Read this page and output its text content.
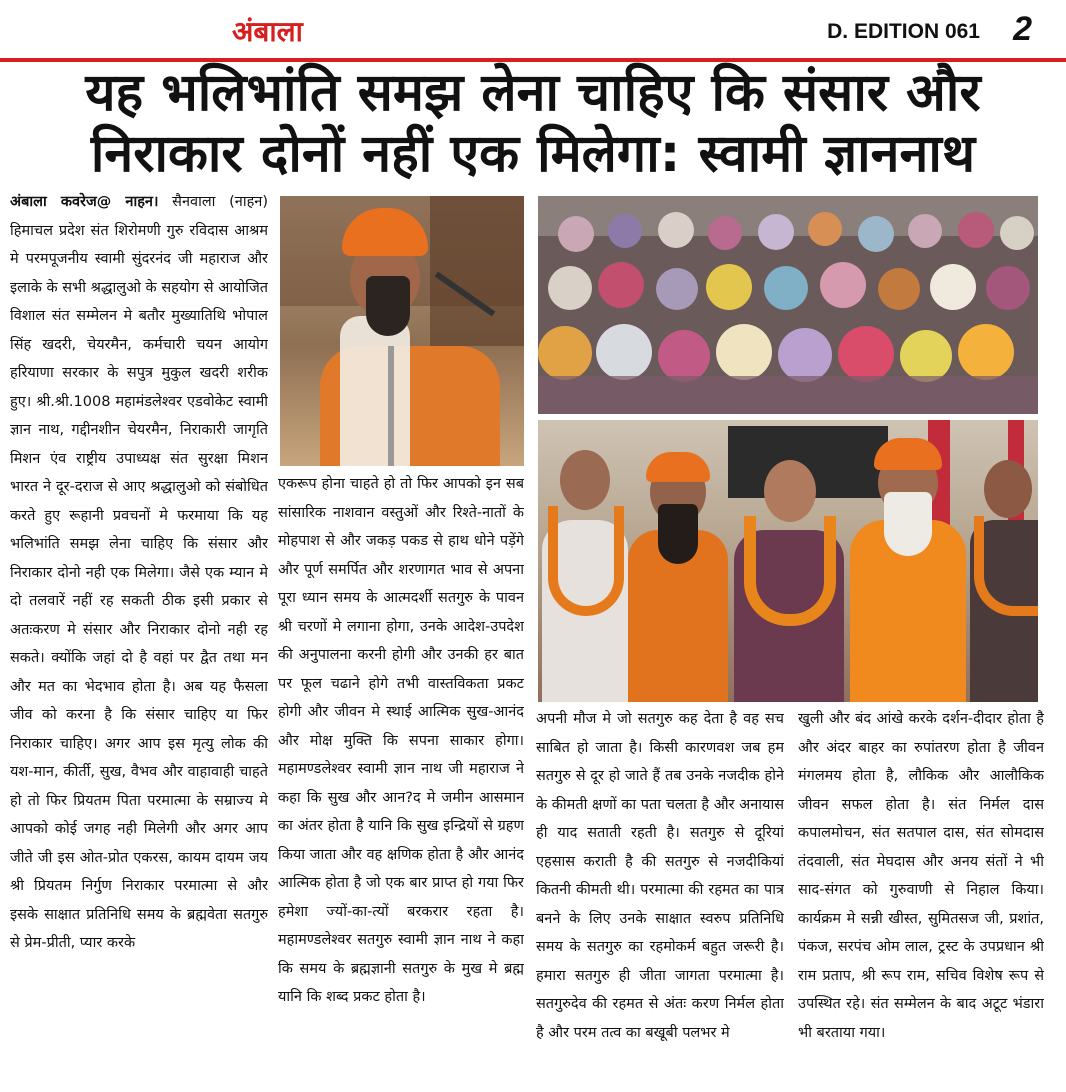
अंबाला	D. EDITION 061 2
यह भलिभांति समझ लेना चाहिए कि संसार और
निराकार दोनों नहीं एक मिलेगा: स्वामी ज्ञाननाथ
अंबाला कवरेज@ नाहन। सैनवाला (नाहन) हिमाचल प्रदेश संत शिरोमणी गुरु रविदास आश्रम मे परमपूजनीय स्वामी सुंदरनंद जी महाराज और इलाके के सभी श्रद्धालुओ के सहयोग से आयोजित विशाल संत सम्मेलन मे बतौर मुख्यातिथि भोपाल सिंह खदरी, चेयरमैन, कर्मचारी चयन आयोग हरियाणा सरकार के सपुत्र मुकुल खदरी शरीक हुए। श्री.श्री.1008 महामंडलेश्वर एडवोकेट स्वामी ज्ञान नाथ, गद्दीनशीन चेयरमैन, निराकारी जागृति मिशन एंव राष्ट्रीय उपाध्यक्ष संत सुरक्षा मिशन भारत ने दूर-दराज से आए श्रद्धालुओ को संबोधित करते हुए रूहानी प्रवचनों मे फरमाया कि यह भलिभांति समझ लेना चाहिए कि संसार और निराकार दोनो नही एक मिलेगा। जैसे एक म्यान मे दो तलवारें नहीं रह सकती ठीक इसी प्रकार से अतःकरण मे संसार और निराकार दोनो नही रह सकते। क्योंकि जहां दो है वहां पर द्वैत तथा मन और मत का भेदभाव होता है। अब यह फैसला जीव को करना है कि संसार चाहिए या फिर निराकार चाहिए। अगर आप इस मृत्यु लोक की यश-मान, कीर्ती, सुख, वैभव और वाहावाही चाहते हो तो फिर प्रियतम पिता परमात्मा के सम्राज्य मे आपको कोई जगह नही मिलेगी और अगर आप जीते जी इस ओत-प्रोत एकरस, कायम दायम जय श्री प्रियतम निर्गुण निराकार परमात्मा से और इसके साक्षात प्रतिनिधि समय के ब्रह्मवेता सतगुरु से प्रेम-प्रीती, प्यार करके
एकरूप होना चाहते हो तो फिर आपको इन सब सांसारिक नाशवान वस्तुओं और रिश्ते-नातों के मोहपाश से और जकड़ पकड से हाथ धोने पड़ेंगे और पूर्ण समर्पित और शरणागत भाव से अपना पूरा ध्यान समय के आत्मदर्शी सतगुरु के पावन श्री चरणों मे लगाना होगा, उनके आदेश-उपदेश की अनुपालना करनी होगी और उनकी हर बात पर फूल चढाने होगे तभी वास्तविकता प्रकट होगी और जीवन मे स्थाई आत्मिक सुख-आनंद और मोक्ष मुक्ति कि सपना साकार होगा। महामण्डलेश्वर स्वामी ज्ञान नाथ जी महाराज ने कहा कि सुख और आन?द मे जमीन आसमान का अंतर होता है यानि कि सुख इन्द्रियों से ग्रहण किया जाता और वह क्षणिक होता है और आनंद आत्मिक होता है जो एक बार प्राप्त हो गया फिर हमेशा ज्यों-का-त्यों बरकरार रहता है। महामण्डलेश्वर सतगुरु स्वामी ज्ञान नाथ ने कहा कि समय के ब्रह्मज्ञानी सतगुरु के मुख मे ब्रह्म यानि कि शब्द प्रकट होता है।
अपनी मौज मे जो सतगुरु कह देता है वह सच साबित हो जाता है। किसी कारणवश जब हम सतगुरु से दूर हो जाते हैं तब उनके नजदीक होने के कीमती क्षणों का पता चलता है और अनायास ही याद सताती रहती है। सतगुरु से दूरियां एहसास कराती है की सतगुरु से नजदीकियां कितनी कीमती थी। परमात्मा की रहमत का पात्र बनने के लिए उनके साक्षात स्वरुप प्रतिनिधि समय के सतगुरु का रहमोकर्म बहुत जरूरी है। हमारा सतगुरु ही जीता जागता परमात्मा है। सतगुरुदेव की रहमत से अंतः करण निर्मल होता है और परम तत्व का बखूबी पलभर मे
खुली और बंद आंखे करके दर्शन-दीदार होता है और अंदर बाहर का रुपांतरण होता है जीवन मंगलमय होता है, लौकिक और आलौकिक जीवन सफल होता है। संत निर्मल दास कपालमोचन, संत सतपाल दास, संत सोमदास तंदवाली, संत मेघदास और अनय संतों ने भी साद-संगत को गुरुवाणी से निहाल किया।कार्यक्रम मे सन्नी खीस्त, सुमितसज जी, प्रशांत, पंकज, सरपंच ओम लाल, ट्रस्ट के उपप्रधान श्री राम प्रताप, श्री रूप राम, सचिव विशेष रूप से उपस्थित रहे। संत सम्मेलन के बाद अटूट भंडारा भी बरताया गया।
